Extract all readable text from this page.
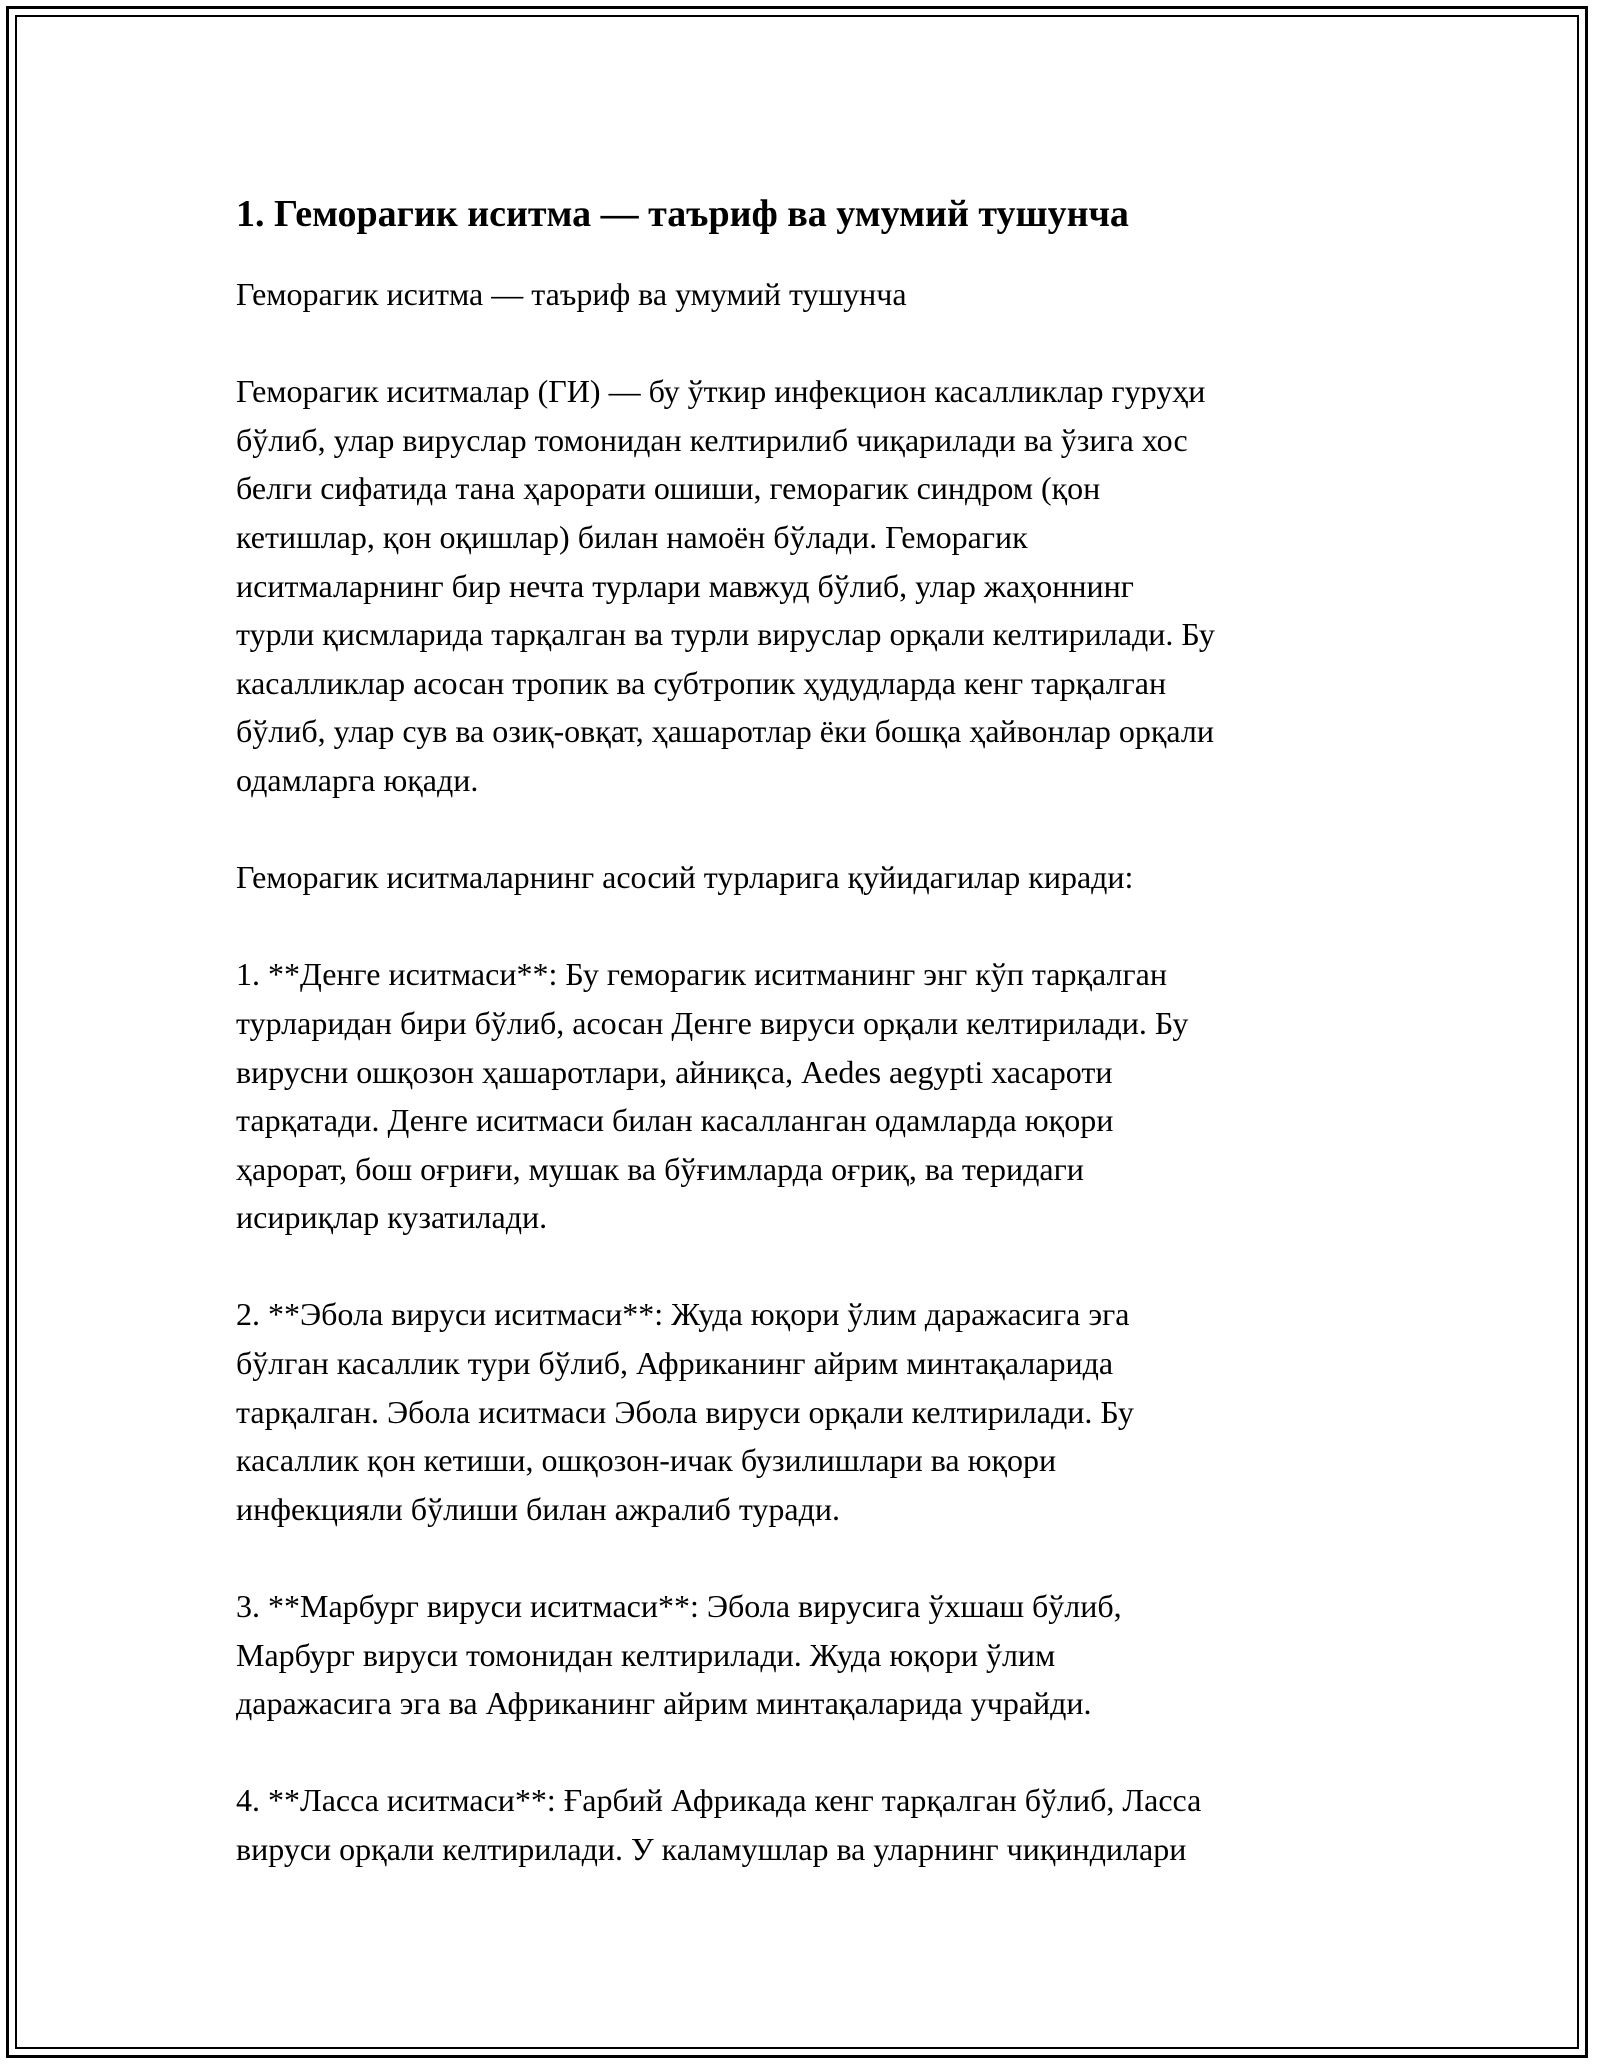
1. Геморагик иситма — таъриф ва умумий тушунча

Геморагик иситма — таъриф ва умумий тушунча

Геморагик иситмалар (ГИ) — бу ўткир инфекцион касалликлар гуруҳи
бўлиб, улар вируслар томонидан келтирилиб чиқарилади ва ўзига хос
белги сифатида тана ҳарорати ошиши, геморагик синдром (қон
кетишлар, қон оқишлар) билан намоён бўлади. Геморагик
иситмаларнинг бир нечта турлари мавжуд бўлиб, улар жаҳоннинг
турли қисмларида тарқалган ва турли вируслар орқали келтирилади. Бу
касалликлар асосан тропик ва субтропик ҳудудларда кенг тарқалган
бўлиб, улар сув ва озиқ-овқат, ҳашаротлар ёки бошқа ҳайвонлар орқали
одамларга юқади.

Геморагик иситмаларнинг асосий турларига қуйидагилар киради:

1. **Денге иситмаси**: Бу геморагик иситманинг энг кўп тарқалган
турларидан бири бўлиб, асосан Денге вируси орқали келтирилади. Бу
вирусни ошқозон ҳашаротлари, айниқса, Aedes aegypti хасароти
тарқатади. Денге иситмаси билан касалланган одамларда юқори
ҳарорат, бош оғриғи, мушак ва бўғимларда оғриқ, ва теридаги
исириқлар кузатилади.

2. **Эбола вируси иситмаси**: Жуда юқори ўлим даражасига эга
бўлган касаллик тури бўлиб, Африканинг айрим минтақаларида
тарқалган. Эбола иситмаси Эбола вируси орқали келтирилади. Бу
касаллик қон кетиши, ошқозон-ичак бузилишлари ва юқори
инфекцияли бўлиши билан ажралиб туради.

3. **Марбург вируси иситмаси**: Эбола вирусига ўхшаш бўлиб,
Марбург вируси томонидан келтирилади. Жуда юқори ўлим
даражасига эга ва Африканинг айрим минтақаларида учрайди.

4. **Ласса иситмаси**: Ғарбий Африкада кенг тарқалган бўлиб, Ласса
вируси орқали келтирилади. У каламушлар ва уларнинг чиқиндилари
